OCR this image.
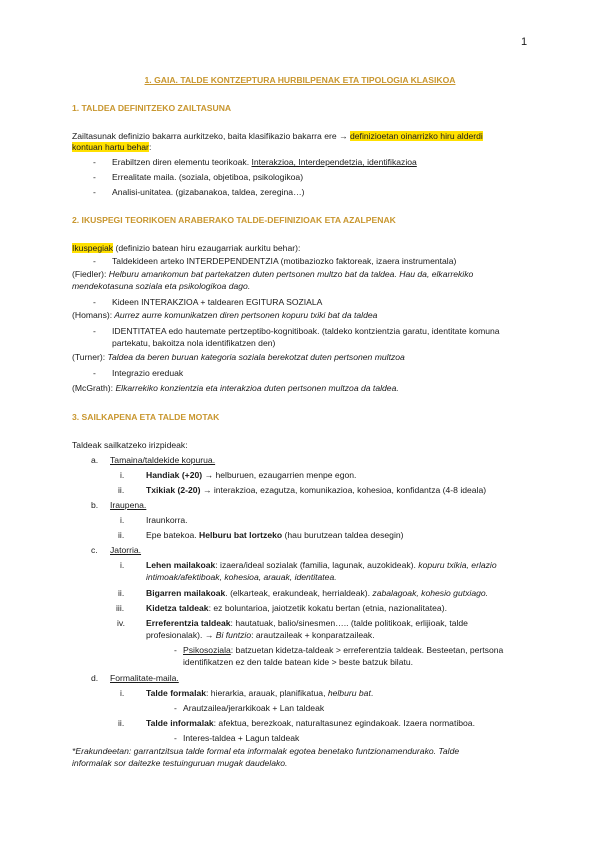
1
1. GAIA. TALDE KONTZEPTURA HURBILPENAK ETA TIPOLOGIA KLASIKOA
1. TALDEA DEFINITZEKO ZAILTASUNA
Zailtasunak definizio bakarra aurkitzeko, baita klasifikazio bakarra ere → definizioetan oinarrizko hiru alderdi
kontuan hartu behar:
- Erabiltzen diren elementu teorikoak. Interakzioa, Interdependetzia, identifikazioa
- Errealitate maila. (soziala, objetiboa, psikologikoa)
- Analisi-unitatea. (gizabanakoa, taldea, zeregina…)
2. IKUSPEGI TEORIKOEN ARABERAKO TALDE-DEFINIZIOAK ETA AZALPENAK
Ikuspegiak (definizio batean hiru ezaugarriak aurkitu behar):
- Taldekideen arteko INTERDEPENDENTZIA (motibaziozko faktoreak, izaera instrumentala)
(Fiedler): Helburu amankomun bat partekatzen duten pertsonen multzo bat da taldea. Hau da, elkarrekiko
mendekotasuna soziala eta psikologikoa dago.
- Kideen INTERAKZIOA + taldearen EGITURA SOZIALA
(Homans): Aurrez aurre komunikatzen diren pertsonen kopuru txiki bat da taldea
- IDENTITATEA edo hautemate pertzeptibo-kognitiboak. (taldeko kontzientzia garatu, identitate komuna
partekatu, bakoitza nola identifikatzen den)
(Turner): Taldea da beren buruan kategoria soziala berekotzat duten pertsonen multzoa
- Integrazio ereduak
(McGrath): Elkarrekiko konzientzia eta interakzioa duten pertsonen multzoa da taldea.
3. SAILKAPENA ETA TALDE MOTAK
Taldeak sailkatzeko irizpideak:
a. Tamaina/taldekide kopurua.
i.	Handiak (+20) → helburuen, ezaugarrien menpe egon.
ii.	Txikiak (2-20) → interakzioa, ezagutza, komunikazioa, kohesioa, konfidantza (4-8 ideala)
b. Iraupena.
i.	Iraunkorra.
ii.	Epe batekoa. Helburu bat lortzeko (hau burutzean taldea desegin)
c. Jatorria.
i.	Lehen mailakoak: izaera/ideal sozialak (familia, lagunak, auzokideak). kopuru txikia, erlazio
intimoak/afektiboak, kohesioa, arauak, identitatea.
ii.	Bigarren mailakoak. (elkarteak, erakundeak, herrialdeak). zabalagoak, kohesio gutxiago.
iii.	Kidetza taldeak: ez boluntarioa, jaiotzetik kokatu bertan (etnia, nazionalitatea).
iv. Erreferentzia taldeak: hautatuak, balio/sinesmen….. (talde politikoak, erlijioak, talde
profesionalak). → Bi funtzio: arautzaileak + konparatzaileak.
- Psikosoziala: batzuetan kidetza-taldeak > erreferentzia taldeak. Besteetan, pertsona
identifikatzen ez den talde batean kide > beste batzuk bilatu.
d. Formalitate-maila.
i.	Talde formalak: hierarkia, arauak, planifikatua, helburu bat.
- Arautzailea/jerarkikoak + Lan taldeak
ii.	Talde informalak: afektua, berezkoak, naturaltasunez egindakoak. Izaera normatiboa.
- Interes-taldea + Lagun taldeak
*Erakundeetan: garrantzitsua talde formal eta informalak egotea benetako funtzionamendurako. Talde
informalak sor daitezke testuinguruan mugak daudelako.
